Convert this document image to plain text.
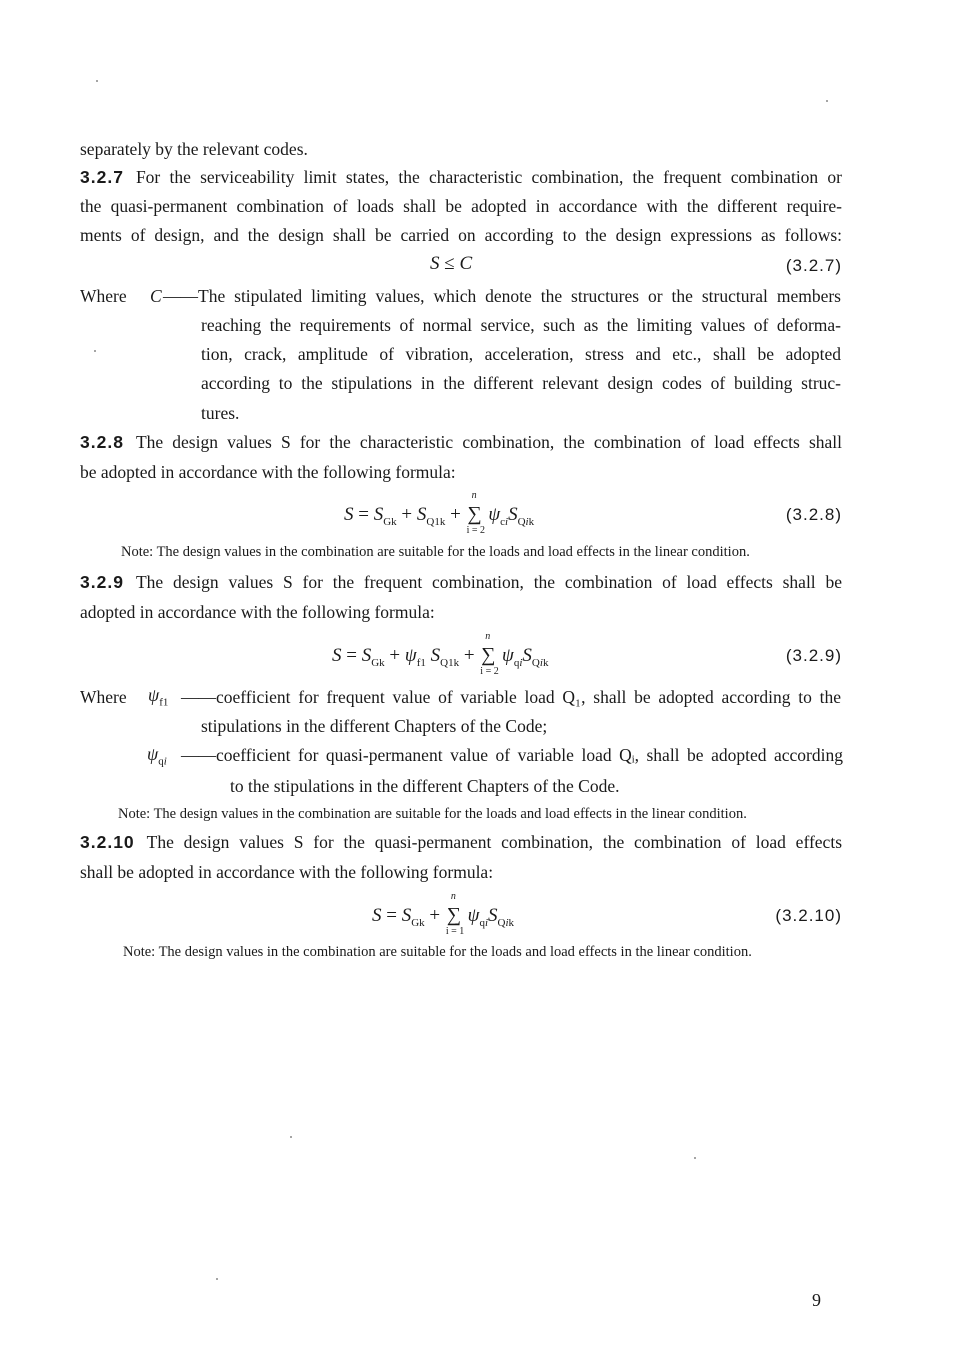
separately by the relevant codes.
3.2.7 For the serviceability limit states, the characteristic combination, the frequent combination or
the quasi-permanent combination of loads shall be adopted in accordance with the different require-
ments of design, and the design shall be carried on according to the design expressions as follows:
S ≤ C	(3.2.7)
Where	C ——The stipulated limiting values, which denote the structures or the structural members
reaching the requirements of normal service, such as the limiting values of deforma-
tion, crack, amplitude of vibration, acceleration, stress and etc., shall be adopted
according to the stipulations in the different relevant design codes of building struc-
tures.
3.2.8 The design values S for the characteristic combination, the combination of load effects shall
be adopted in accordance with the following formula:
$S = S_{Gk} + S_{Q1k}$ + ∑
n
i = 2
$\psi_{ci}S_{Qik}$	(3.2.8)
Note: The design values in the combination are suitable for the loads and load effects in the linear condition.
3.2.9 The design values S for the frequent combination, the combination of load effects shall be
adopted in accordance with the following formula:
$S = S_{Gk} + \psi_{f1}$ $S_{Q1k}$ + ∑
n
i = 2
$\psi_{qi}S_{Qik}$	(3.2.9)
Where	$\psi_{f1}$ ——coefficient for frequent value of variable load Q₁, shall be adopted according to the
stipulations in the different Chapters of the Code;
$\psi_{qi}$ ——coefficient for quasi-permanent value of variable load Qᵢ, shall be adopted according
to the stipulations in the different Chapters of the Code.
Note: The design values in the combination are suitable for the loads and load effects in the linear condition.
3.2.10 The design values S for the quasi-permanent combination, the combination of load effects
shall be adopted in accordance with the following formula:
$S = S_{Gk}$ + ∑
n
i = 1
$\psi_{qi}S_{Qik}$	(3.2.10)
Note: The design values in the combination are suitable for the loads and load effects in the linear condition.
9
